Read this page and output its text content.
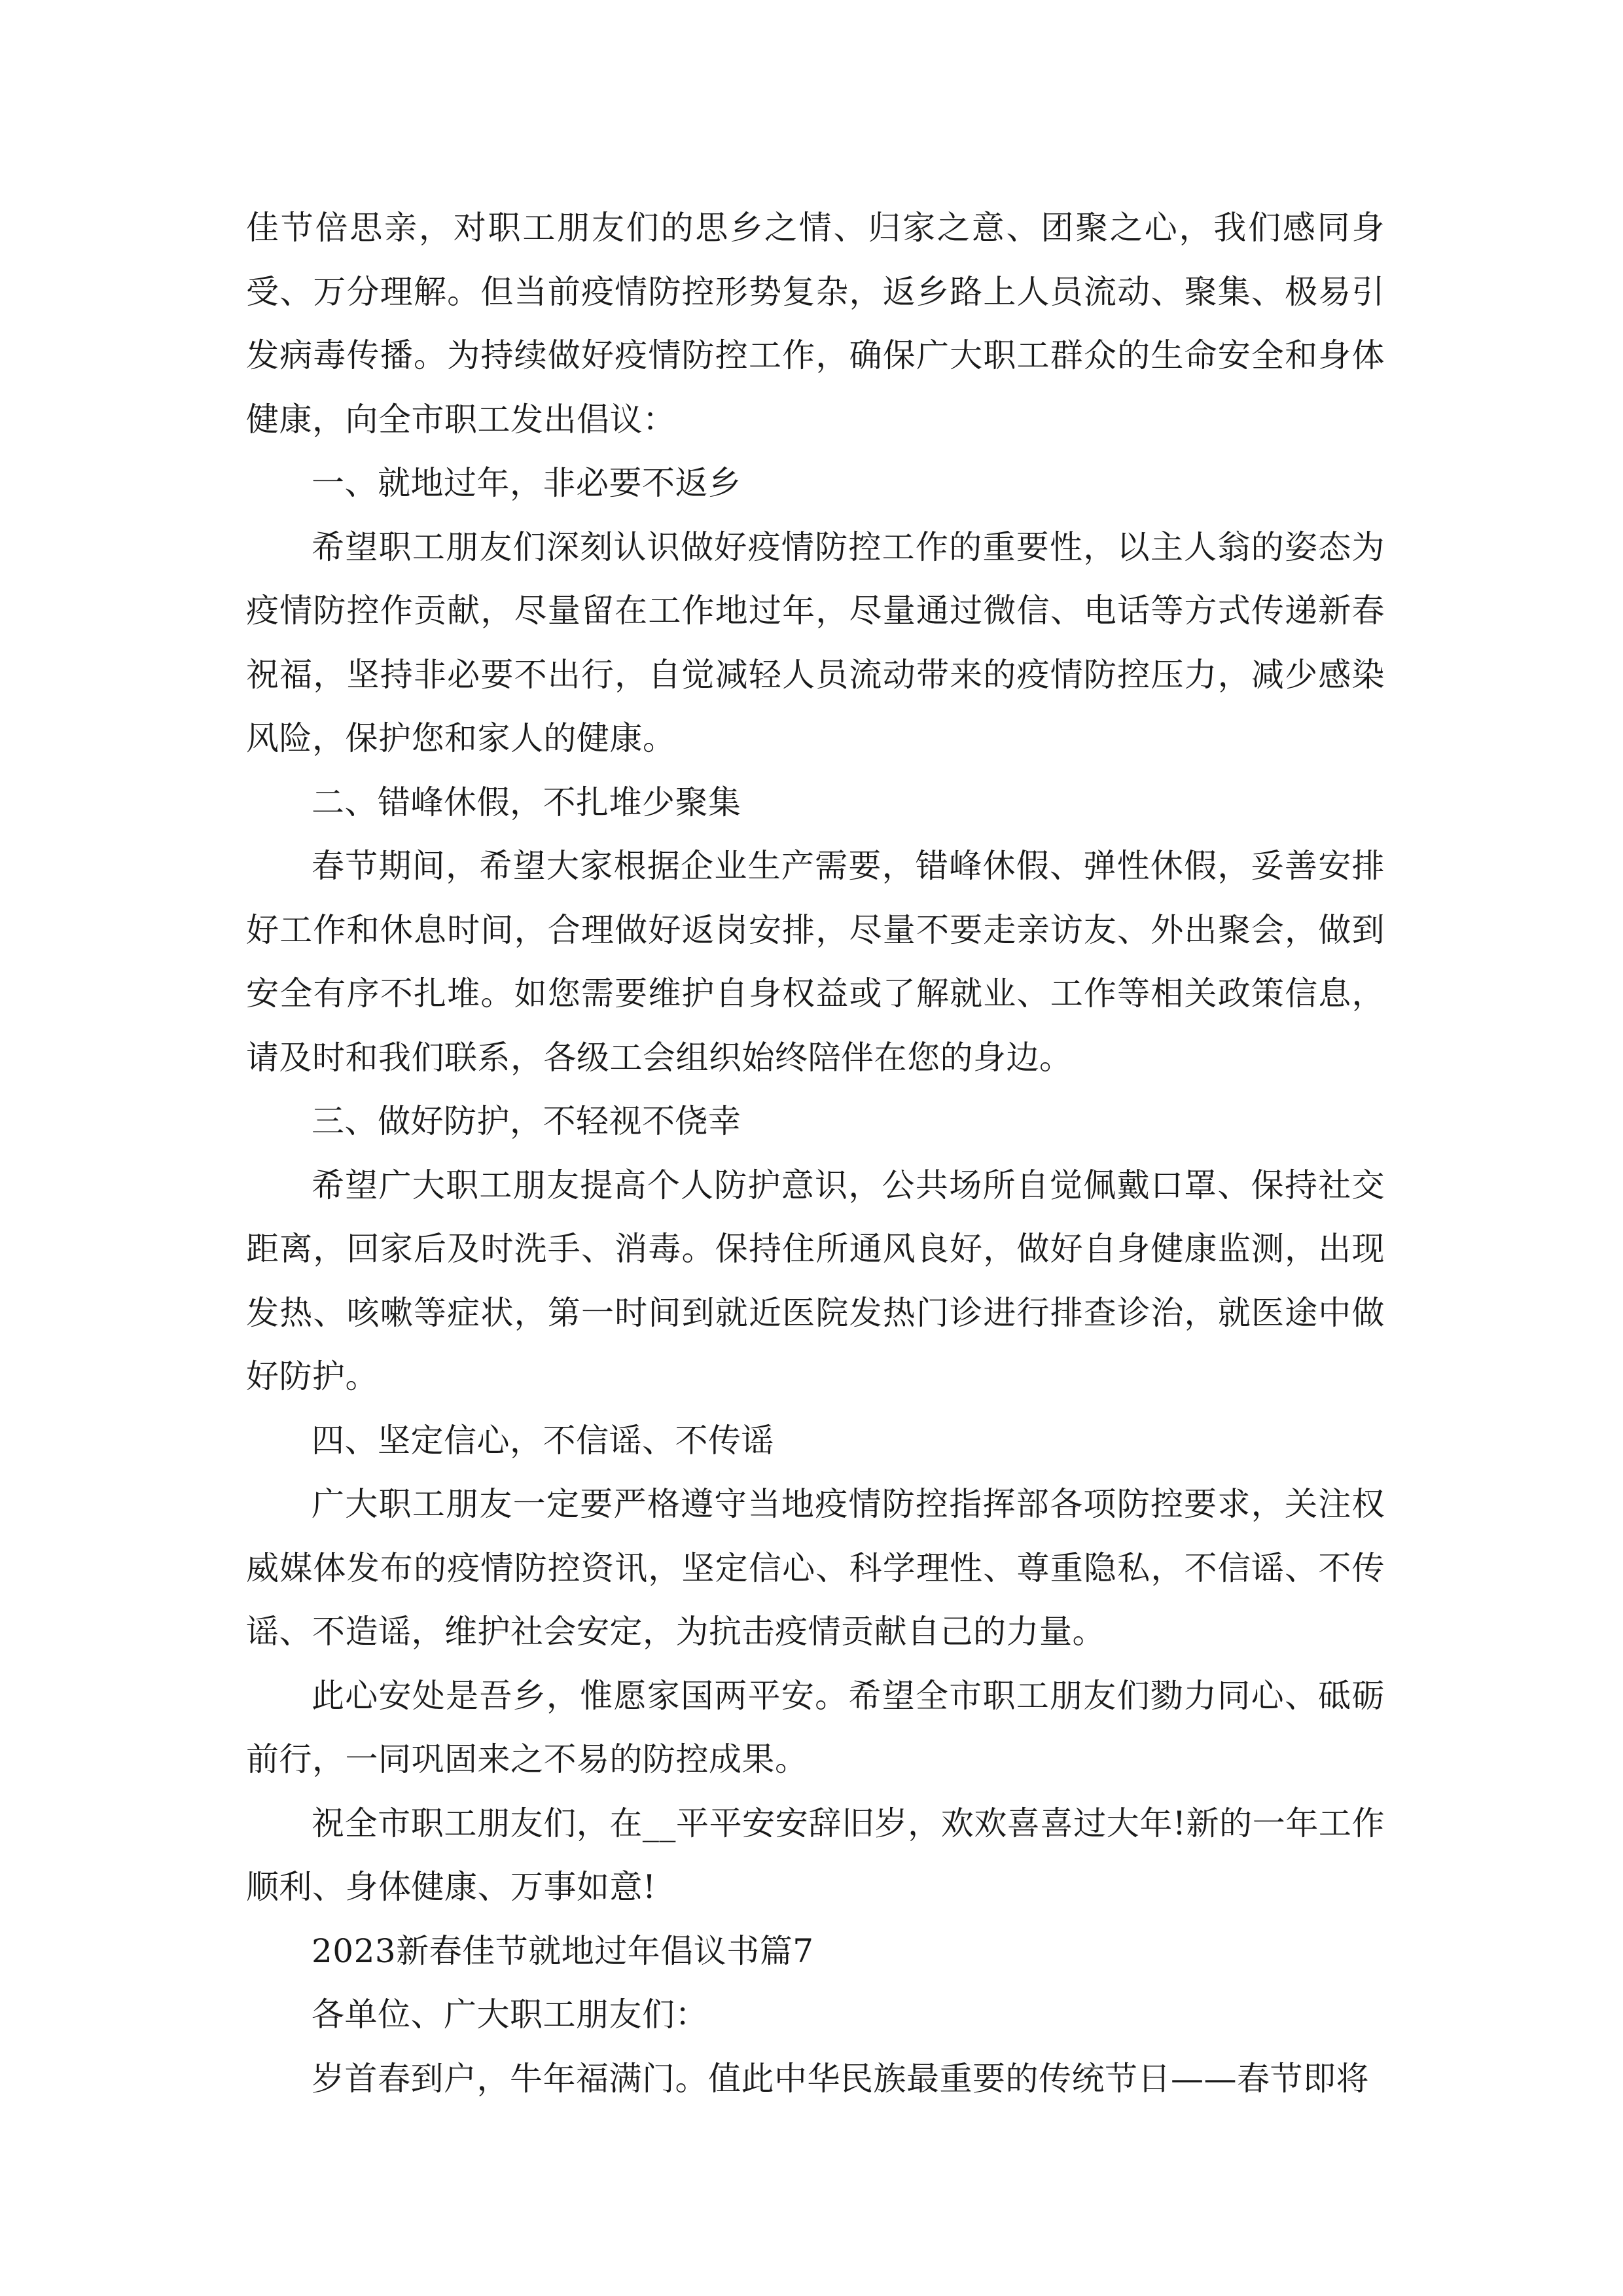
佳节倍思亲，对职工朋友们的思乡之情、归家之意、团聚之心，我们感同身受、万分理解。但当前疫情防控形势复杂，返乡路上人员流动、聚集、极易引发病毒传播。为持续做好疫情防控工作，确保广大职工群众的生命安全和身体健康，向全市职工发出倡议：

一、就地过年，非必要不返乡

希望职工朋友们深刻认识做好疫情防控工作的重要性，以主人翁的姿态为疫情防控作贡献，尽量留在工作地过年，尽量通过微信、电话等方式传递新春祝福，坚持非必要不出行，自觉减轻人员流动带来的疫情防控压力，减少感染风险，保护您和家人的健康。

二、错峰休假，不扎堆少聚集

春节期间，希望大家根据企业生产需要，错峰休假、弹性休假，妥善安排好工作和休息时间，合理做好返岗安排，尽量不要走亲访友、外出聚会，做到安全有序不扎堆。如您需要维护自身权益或了解就业、工作等相关政策信息，请及时和我们联系，各级工会组织始终陪伴在您的身边。

三、做好防护，不轻视不侥幸

希望广大职工朋友提高个人防护意识，公共场所自觉佩戴口罩、保持社交距离，回家后及时洗手、消毒。保持住所通风良好，做好自身健康监测，出现发热、咳嗽等症状，第一时间到就近医院发热门诊进行排查诊治，就医途中做好防护。

四、坚定信心，不信谣、不传谣

广大职工朋友一定要严格遵守当地疫情防控指挥部各项防控要求，关注权威媒体发布的疫情防控资讯，坚定信心、科学理性、尊重隐私，不信谣、不传谣、不造谣，维护社会安定，为抗击疫情贡献自己的力量。

此心安处是吾乡，惟愿家国两平安。希望全市职工朋友们勠力同心、砥砺前行，一同巩固来之不易的防控成果。

祝全市职工朋友们，在__平平安安辞旧岁，欢欢喜喜过大年!新的一年工作顺利、身体健康、万事如意!

2023新春佳节就地过年倡议书篇7

各单位、广大职工朋友们：

岁首春到户，牛年福满门。值此中华民族最重要的传统节日——春节即将
